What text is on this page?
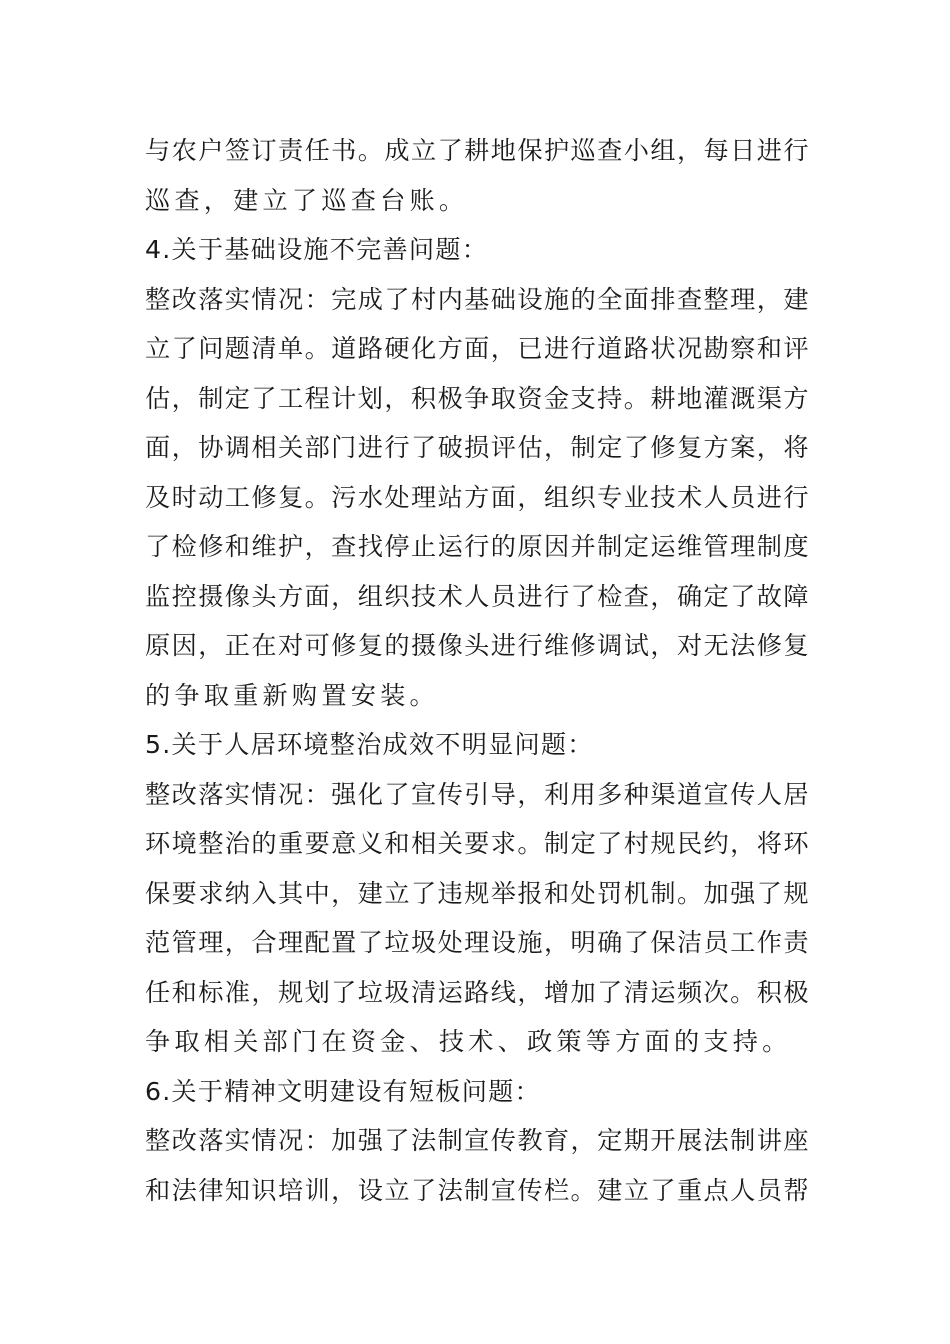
与农户签订责任书。成立了耕地保护巡查小组，每日进行
巡查，建立了巡查台账。
4.关于基础设施不完善问题：
整改落实情况：完成了村内基础设施的全面排查整理，建
立了问题清单。道路硬化方面，已进行道路状况勘察和评
估，制定了工程计划，积极争取资金支持。耕地灌溉渠方
面，协调相关部门进行了破损评估，制定了修复方案，将
及时动工修复。污水处理站方面，组织专业技术人员进行
了检修和维护，查找停止运行的原因并制定运维管理制度
监控摄像头方面，组织技术人员进行了检查，确定了故障
原因，正在对可修复的摄像头进行维修调试，对无法修复
的争取重新购置安装。
5.关于人居环境整治成效不明显问题：
整改落实情况：强化了宣传引导，利用多种渠道宣传人居
环境整治的重要意义和相关要求。制定了村规民约，将环
保要求纳入其中，建立了违规举报和处罚机制。加强了规
范管理，合理配置了垃圾处理设施，明确了保洁员工作责
任和标准，规划了垃圾清运路线，增加了清运频次。积极
争取相关部门在资金、技术、政策等方面的支持。
6.关于精神文明建设有短板问题：
整改落实情况：加强了法制宣传教育，定期开展法制讲座
和法律知识培训，设立了法制宣传栏。建立了重点人员帮
